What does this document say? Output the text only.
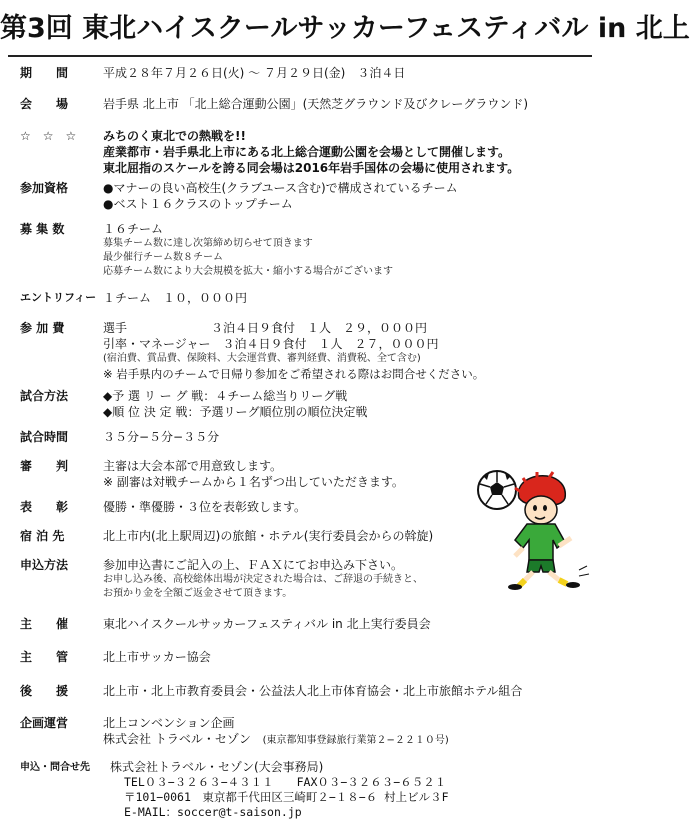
第3回 東北ハイスクールサッカーフェスティバル in 北上
期　　間	平成２８年７月２６日(火) 〜 ７月２９日(金)　３泊４日
会　　場	岩手県 北上市 「北上総合運動公園」(天然芝グラウンド及びクレーグラウンド)
☆　☆　☆	みちのく東北での熱戦を!!
産業都市・岩手県北上市にある北上総合運動公園を会場として開催します。
東北屈指のスケールを誇る同会場は2016年岩手国体の会場に使用されます。
参加資格	●マナーの良い高校生(クラブユース含む)で構成されているチーム
●ベスト１６クラスのトップチーム
募 集 数	１６チーム
募集チーム数に達し次第締め切らせて頂きます
最少催行チーム数８チーム
応募チーム数により大会規模を拡大・縮小する場合がございます
エントリフィー １チーム　１０，０００円
参 加 費	選手　　　　　　　３泊４日９食付　１人　２９，０００円
引率・マネージャー　３泊４日９食付　１人　２７，０００円
(宿泊費、賞品費、保険料、大会運営費、審判経費、消費税、全て含む)
※ 岩手県内のチームで日帰り参加をご希望される際はお問合せください。
試合方法	◆予 選 リ ー グ 戦：４チーム総当りリーグ戦
◆順 位 決 定 戦：予選リーグ順位別の順位決定戦
試合時間	３５分−５分−３５分
審　　判	主審は大会本部で用意致します。
※ 副審は対戦チームから１名ずつ出していただきます。
表　　彰	優勝・準優勝・３位を表彰致します。
宿 泊 先	北上市内(北上駅周辺)の旅館・ホテル(実行委員会からの斡旋)
申込方法	参加申込書にご記入の上、ＦＡＸにてお申込み下さい。
お申し込み後、高校総体出場が決定された場合は、ご辞退の手続きと、
お預かり金を全額ご返金させて頂きます。
主　　催	東北ハイスクールサッカーフェスティバル in 北上実行委員会
主　　管	北上市サッカー協会
後　　援	北上市・北上市教育委員会・公益法人北上市体育協会・北上市旅館ホテル組合
企画運営	北上コンベンション企画
株式会社 トラベル・セゾン (東京都知事登録旅行業第２−２２１０号)
申込・問合せ先	株式会社トラベル・セゾン(大会事務局)
TEL０３−３２６３−４３１１　　FAX０３−３２６３−６５２１
〒101−0061　東京都千代田区三崎町２−１８−６ 村上ビル３F
E-MAIL：soccer@t-saison.jp
